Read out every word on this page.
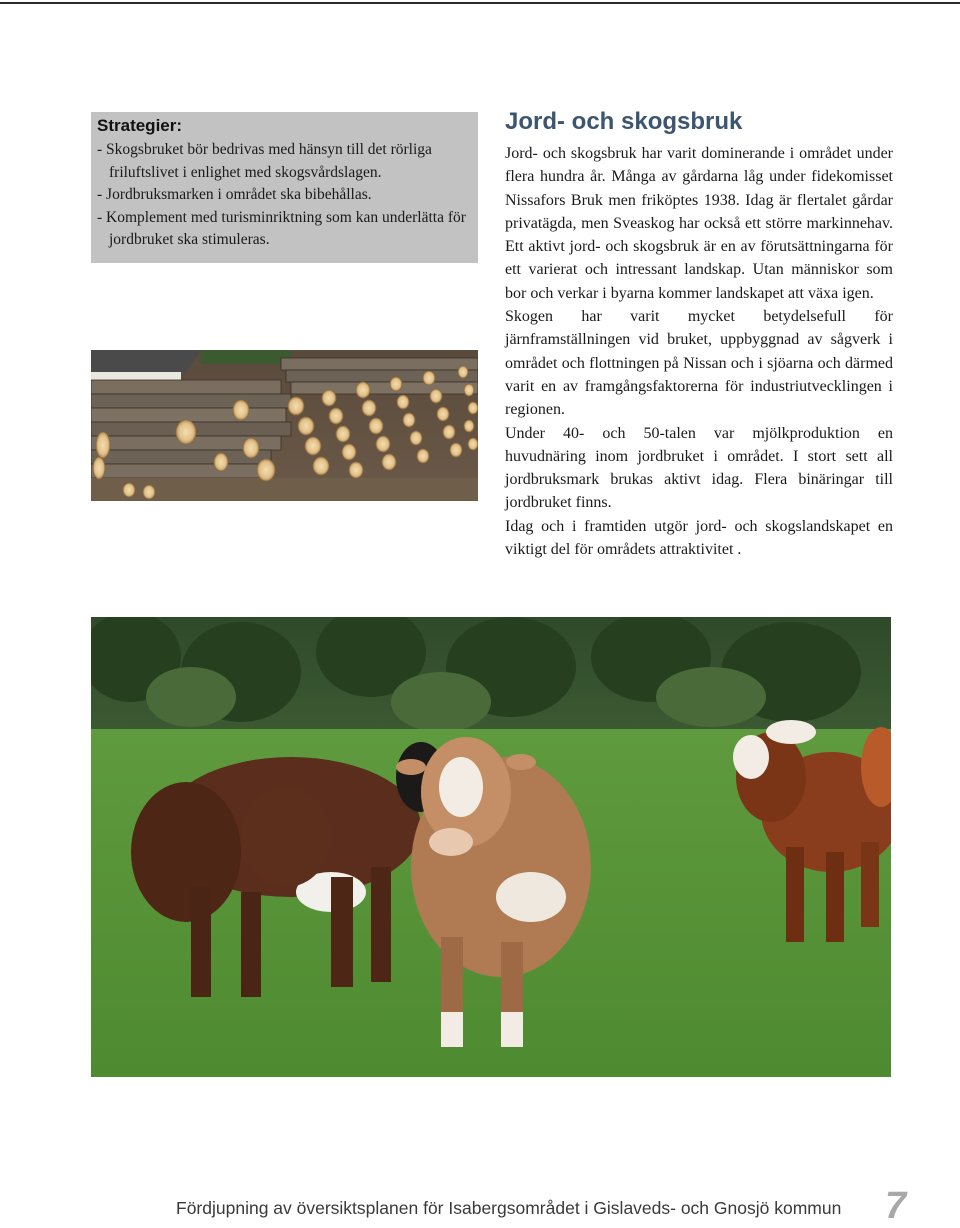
Strategier:
- Skogsbruket bör bedrivas med hänsyn till det rörliga friluftslivet i enlighet med skogsvårdslagen.
- Jordbruksmarken i området ska bibehållas.
- Komplement med turisminriktning som kan underlätta för jordbruket ska stimuleras.
Jord- och skogsbruk

Jord- och skogsbruk har varit dominerande i området under flera hundra år. Många av gårdarna låg under fidekomisset Nissafors Bruk men friköptes 1938. Idag är flertalet gårdar privatägda, men Sveaskog har också ett större markinnehav. Ett aktivt jord- och skogsbruk är en av förutsättningarna för ett varierat och intressant landskap. Utan människor som bor och verkar i byarna kommer landskapet att växa igen.

Skogen har varit mycket betydelsefull för järnframställningen vid bruket, uppbyggnad av sågverk i området och flottningen på Nissan och i sjöarna och därmed varit en av framgångsfaktorerna för industriutvecklingen i regionen.

Under 40- och 50-talen var mjölkproduktion en huvudnäring inom jordbruket i området. I stort sett all jordbruksmark brukas aktivt idag. Flera binäringar till jordbruket finns.

Idag och i framtiden utgör jord- och skogslandskapet en viktigt del för områdets attraktivitet .

Fördjupning av översiktsplanen för Isabergsområdet i Gislaveds- och Gnosjö kommun 7
